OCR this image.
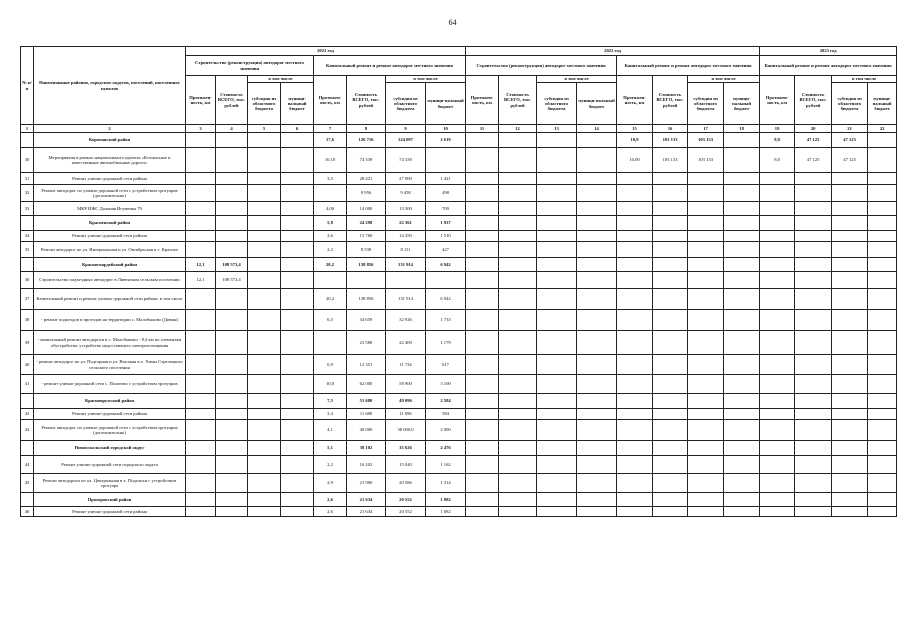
64
№ п/п	Наименование районов, городских округов, поселений, населенных пунктов	2021 год								2022 год								2023 год			
		Строительство (реконструкция) автодорог местного значения				Капитальный ремонт и ремонт автодорог местного значения				Строительство (реконструкция) автодорог местного значения				Капитальный ремонт и ремонт автодорог местного значения				Капитальный ремонт и ремонт автодорог местного значения			
		Протяжен-ность, км	Стоимость ВСЕГО, тыс. рублей	в том числе		Протяжен-ность, км	Стоимость ВСЕГО, тыс. рублей	в том числе		Протяжен-ность, км	Стоимость ВСЕГО, тыс. рублей	в том числе		Протяжен-ность, км	Стоимость ВСЕГО, тыс. рублей	в том числе		Протяжен-ность, км	Стоимость ВСЕГО, тыс. рублей	в том числе	
				субсидия из областного бюджета	муници-пальный бюджет			субсидия из областного бюджета	муници-пальный бюджет			субсидия из областного бюджета	муници-пальный бюджет			субсидия из областного бюджета	муници-пальный бюджет			субсидия из областного бюджета	муници-пальный бюджет
1	2	3	4	5	6	7	8	9	10	11	12	13	14	15	16	17	18	19	20	21	22
	Корочанский район					17,6	126 716	124 097	2 619					10,0	103 133	103 133		8,0	47 125	47 125	
30	Мероприятия в рамках национального проекта «Безопасные и качественные автомобильные дороги»					10,10	74 339	74 339						10,00	103 133	103 133		8,0	47 125	47 125	
31	Ремонт улично-дорожной сети района					3,5	28 421	27 000	1 421												
32	Ремонт автодорог по улично-дорожной сети с устройством тротуаров (дополнительно)						9 956	9 458	498												
33	МКР ИЖС Дальняя Игуменка 79					4,00	14 000	13 300	700												
	Красненский район					5,8	24 298	22 361	1 937												
34	Ремонт улично-дорожной сети района					3,6	15 760	14 250	1 510												
35	Ремонт автодорог по ул. Интернальная и ул. Октябрьская в с. Красное					2,2	8 538	8 111	427												
	Красногвардейский район	12,1	108 573,4			20,2	138 856	131 914	6 942												
36	Строительство подъездных автодорог в Ливенском сельском поселении	12,1	108 573,4																		
37	Капитальный ремонт и ремонт улично-дорожной сети района, в том числе					20,2	138 856	131 914	6 942												
38	- ремонт подъездов и проездов на территории с. Малобыково (Дивин)					6,5	34 659	32 926	1 733												
39	- капитальный ремонт автодороги в с. Малобыково - 8,4 км по элементам обустройства: устройство недостающего электроосвещения						23 588	22 409	1 179												
40	- ремонт автодорог по ул. Подгорная и ул. Высокая в х. Химы Стрелецкого сельского поселения					0,9	12 351	11 734	617												
41	- ремонт улично-дорожной сети с. Палатово с устройством тротуаров					10,0	62 000	58 900	3 100												
	Краснояружский район					7,5	51 680	49 096	2 584												
42	Ремонт улично-дорожной сети района					3,4	11 680	11 096	584												
43	Ремонт автодорог по улично-дорожной сети с устройством тротуаров (дополнительно)					4,1	40 000	38 000,0	2 000												
	Новооскольский городской округ					5,1	38 102	35 626	2 476												
44	Ремонт улично-дорожной сети городского округа					2,2	16 202	15 040	1 162												
45	Ремонт автодороги по ул. Центральная в х. Подольхи с устройством тротуара					2,9	21 900	20 586	1 314												
	Прохоровский район					2,6	21 634	20 552	1 082												
46	Ремонт улично-дорожной сети района					2,6	21 634	20 552	1 082												
